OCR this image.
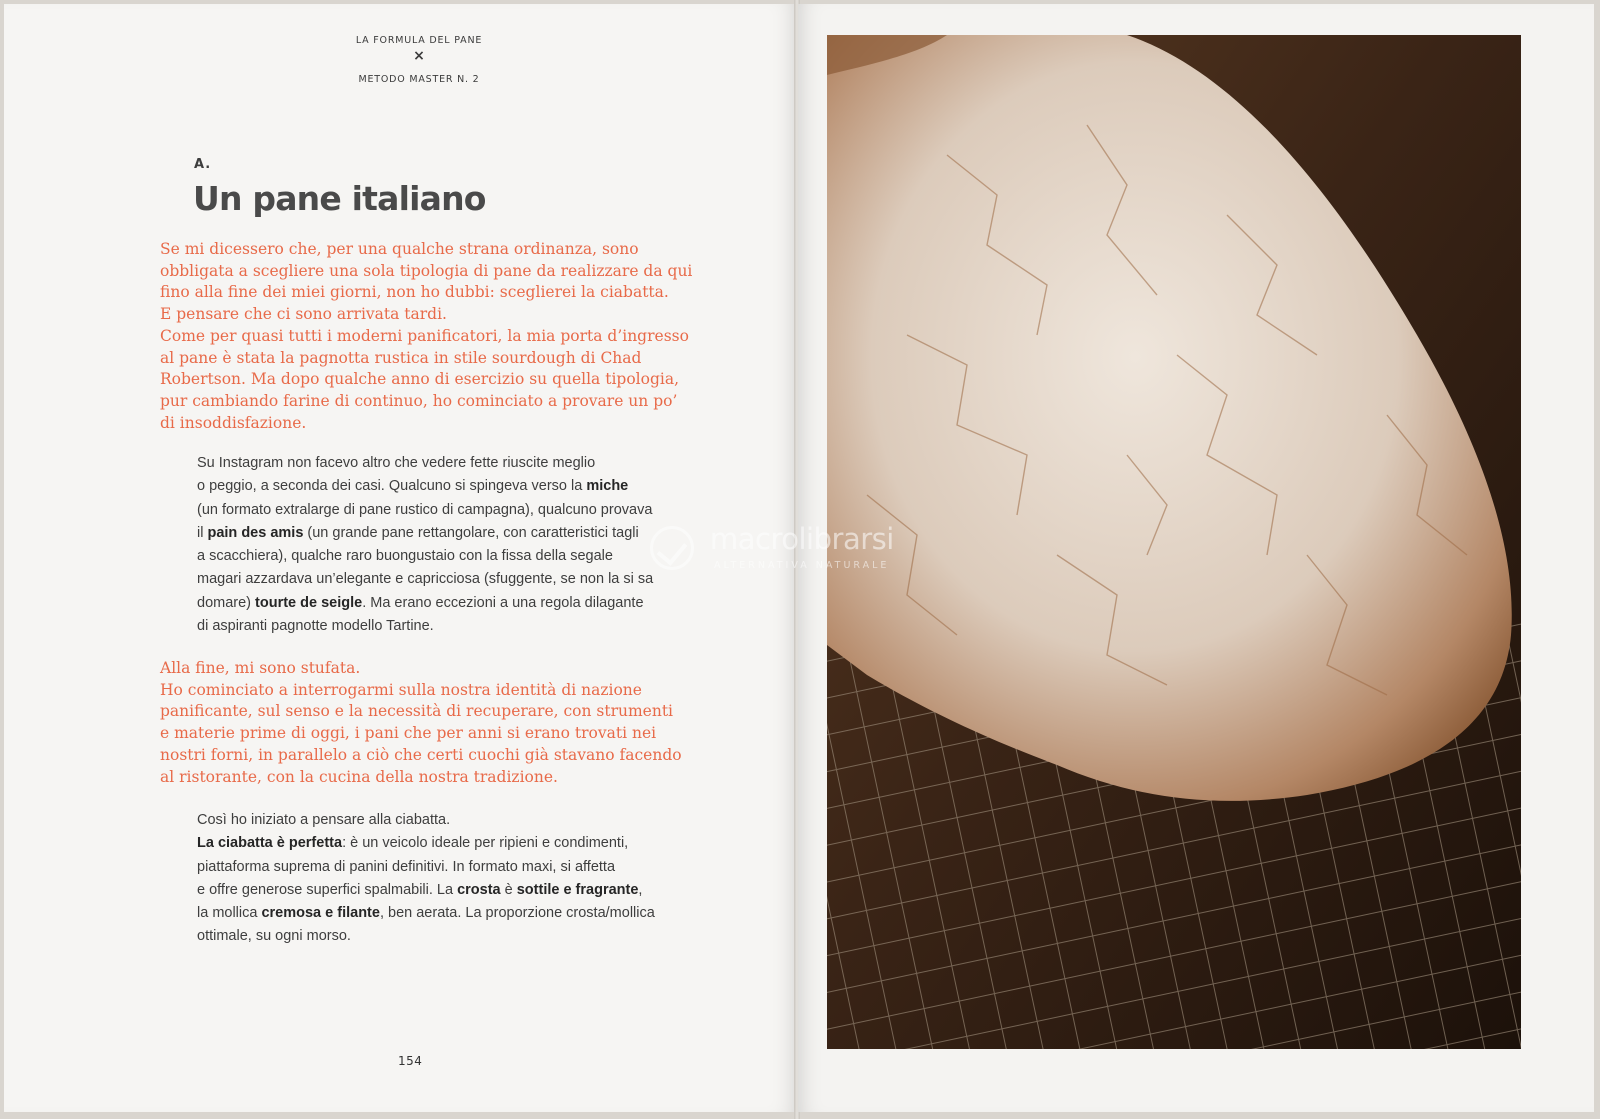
LA FORMULA DEL PANE
×
METODO MASTER N. 2
A.
Un pane italiano
Se mi dicessero che, per una qualche strana ordinanza, sono
obbligata a scegliere una sola tipologia di pane da realizzare da qui
fino alla fine dei miei giorni, non ho dubbi: sceglierei la ciabatta.
E pensare che ci sono arrivata tardi.
Come per quasi tutti i moderni panificatori, la mia porta d’ingresso
al pane è stata la pagnotta rustica in stile sourdough di Chad
Robertson. Ma dopo qualche anno di esercizio su quella tipologia,
pur cambiando farine di continuo, ho cominciato a provare un po’
di insoddisfazione.
Su Instagram non facevo altro che vedere fette riuscite meglio
o peggio, a seconda dei casi. Qualcuno si spingeva verso la miche
(un formato extralarge di pane rustico di campagna), qualcuno provava
il pain des amis (un grande pane rettangolare, con caratteristici tagli
a scacchiera), qualche raro buongustaio con la fissa della segale
magari azzardava un’elegante e capricciosa (sfuggente, se non la si sa
domare) tourte de seigle. Ma erano eccezioni a una regola dilagante
di aspiranti pagnotte modello Tartine.
Alla fine, mi sono stufata.
Ho cominciato a interrogarmi sulla nostra identità di nazione
panificante, sul senso e la necessità di recuperare, con strumenti
e materie prime di oggi, i pani che per anni si erano trovati nei
nostri forni, in parallelo a ciò che certi cuochi già stavano facendo
al ristorante, con la cucina della nostra tradizione.
Così ho iniziato a pensare alla ciabatta.
La ciabatta è perfetta: è un veicolo ideale per ripieni e condimenti,
piattaforma suprema di panini definitivi. In formato maxi, si affetta
e offre generose superfici spalmabili. La crosta è sottile e fragrante,
la mollica cremosa e filante, ben aerata. La proporzione crosta/mollica
ottimale, su ogni morso.
154
macrolibrarsi
ALTERNATIVA NATURALE
